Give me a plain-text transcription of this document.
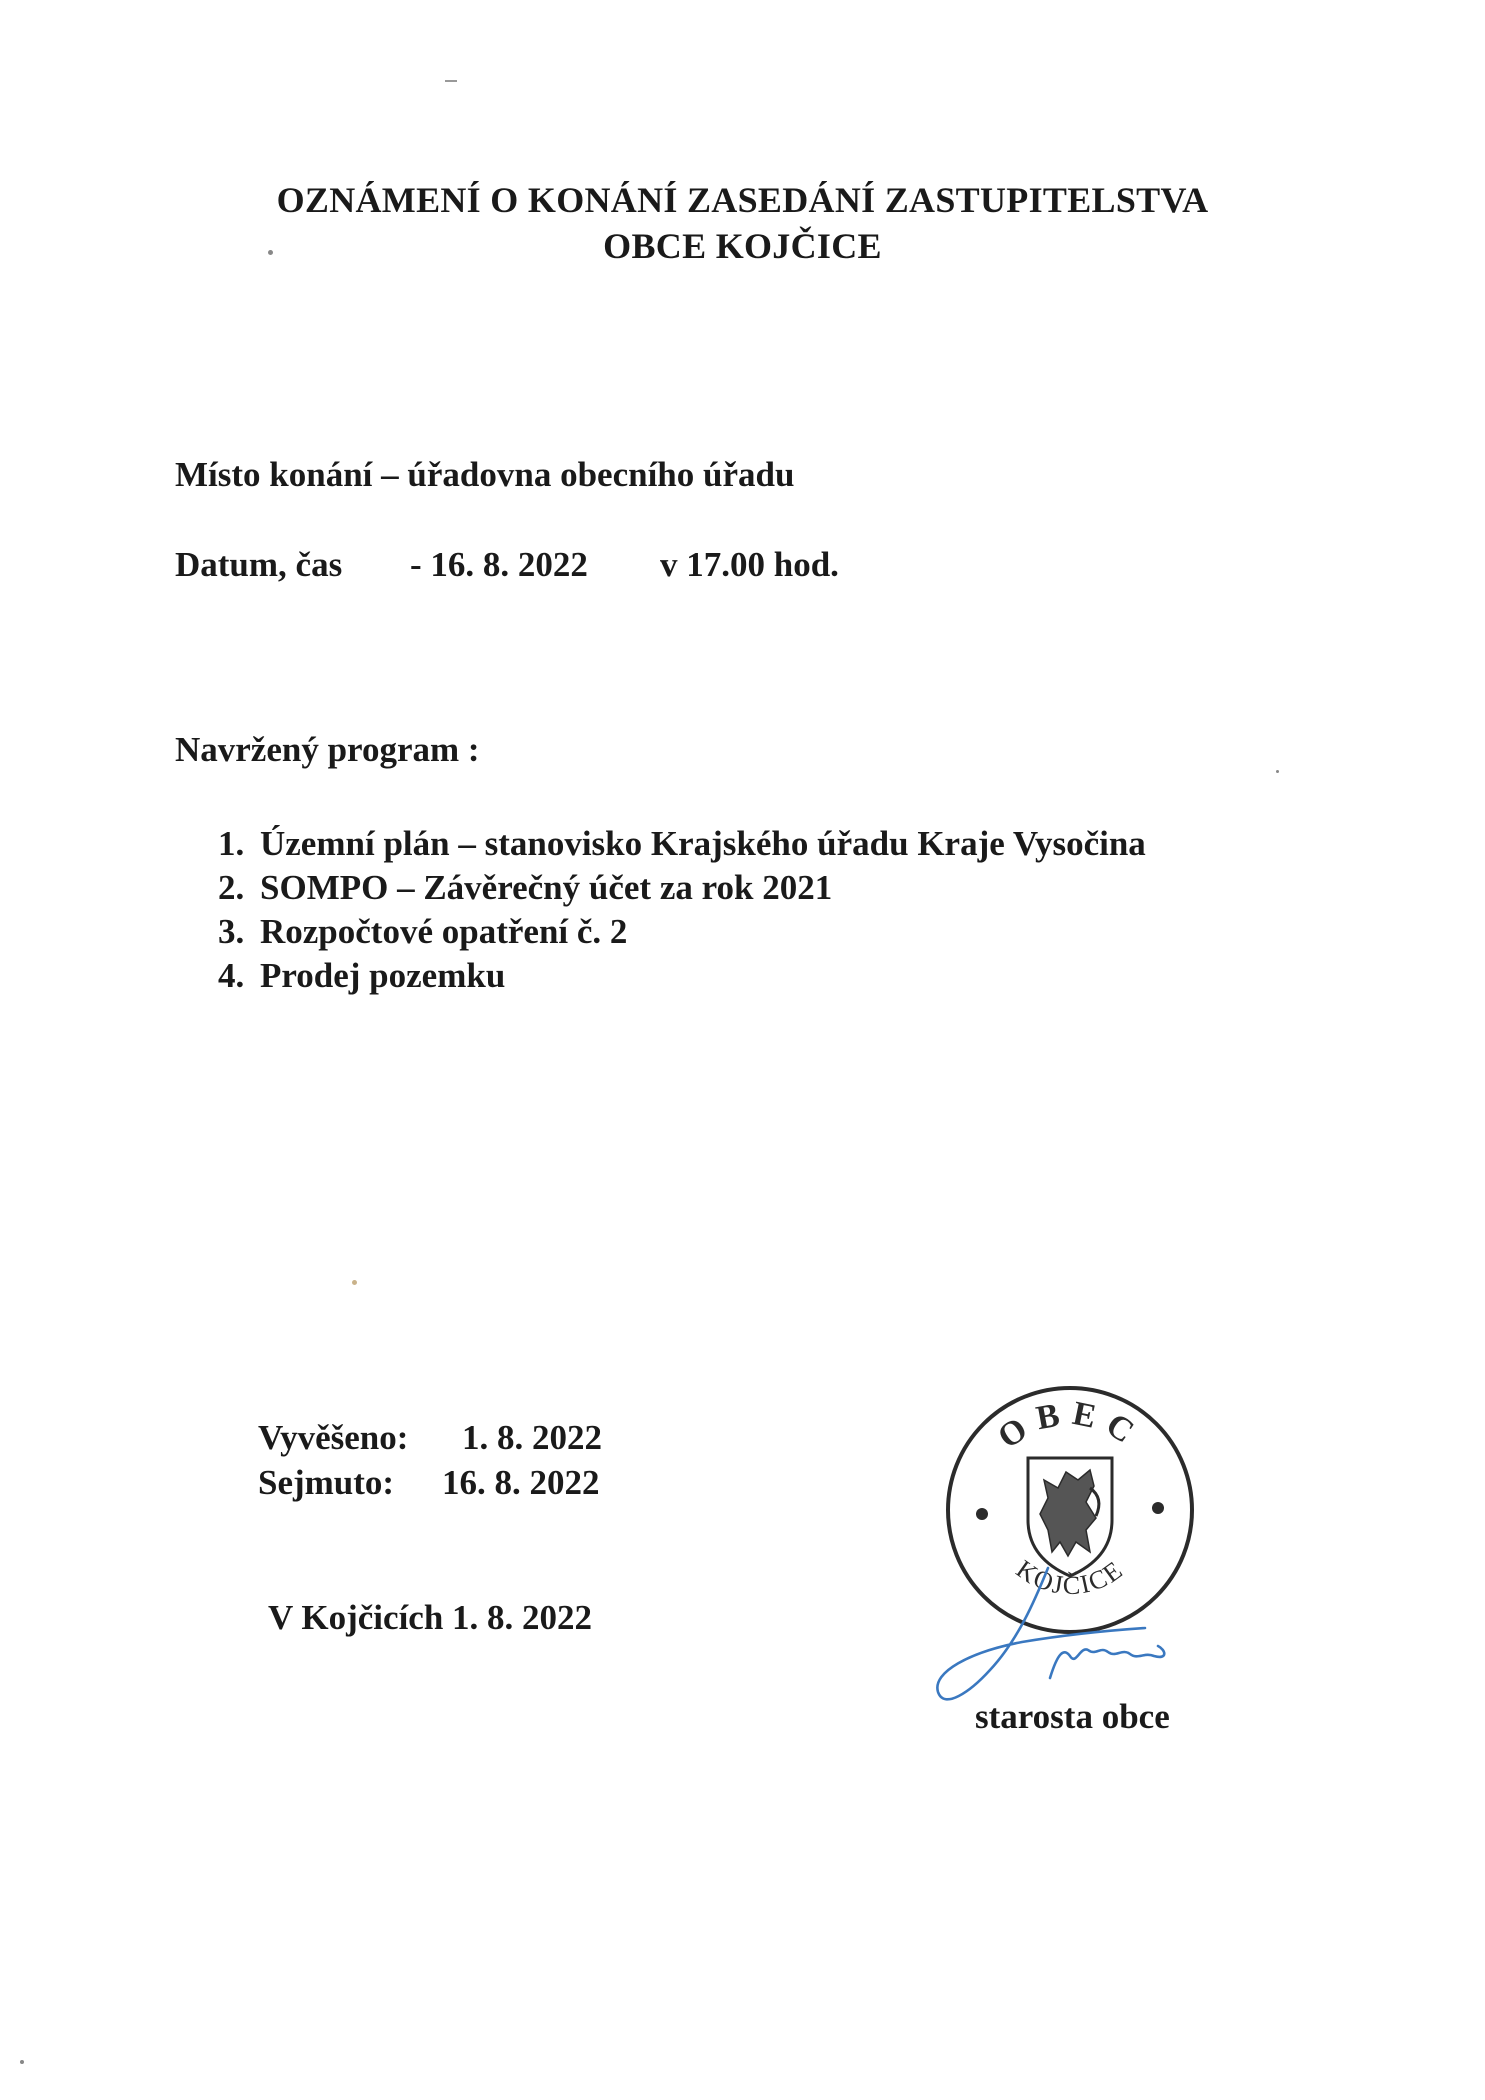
OZNÁMENÍ O KONÁNÍ ZASEDÁNÍ ZASTUPITELSTVA
OBCE KOJČICE
Místo konání – úřadovna obecního úřadu
Datum, čas - 16. 8. 2022 v 17.00 hod.
Navržený program :
1. Územní plán – stanovisko Krajského úřadu Kraje Vysočina
2. SOMPO – Závěrečný účet za rok 2021
3. Rozpočtové opatření č. 2
4. Prodej pozemku
Vyvěšeno: 1. 8. 2022
Sejmuto: 16. 8. 2022
V Kojčicích 1. 8. 2022
OBEC
KOJČICE
starosta obce
